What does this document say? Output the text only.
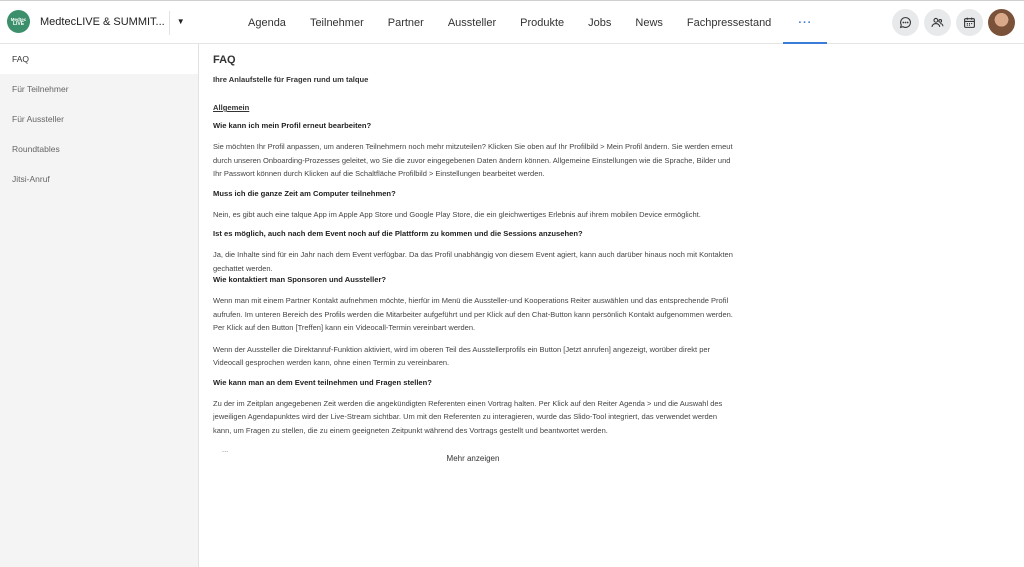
Medtec
LIVE MedtecLIVE & SUMMIT... ▼	Agenda	Teilnehmer	Partner	Aussteller	Produkte	Jobs	News	Fachpressestand	···
FAQ
Für Teilnehmer
Für Aussteller
Roundtables
Jitsi-Anruf
FAQ
Ihre Anlaufstelle für Fragen rund um talque
Allgemein
Wie kann ich mein Profil erneut bearbeiten?
Sie möchten Ihr Profil anpassen, um anderen Teilnehmern noch mehr mitzuteilen? Klicken Sie oben auf Ihr Profilbild > Mein Profil ändern. Sie werden erneut durch unseren Onboarding-Prozesses geleitet, wo Sie die zuvor eingegebenen Daten ändern können. Allgemeine Einstellungen wie die Sprache, Bilder und Ihr Passwort können durch Klicken auf die Schaltfläche Profilbild > Einstellungen bearbeitet werden.
Muss ich die ganze Zeit am Computer teilnehmen?
Nein, es gibt auch eine talque App im Apple App Store und Google Play Store, die ein gleichwertiges Erlebnis auf ihrem mobilen Device ermöglicht.
Ist es möglich, auch nach dem Event noch auf die Plattform zu kommen und die Sessions anzusehen?
Ja, die Inhalte sind für ein Jahr nach dem Event verfügbar. Da das Profil unabhängig von diesem Event agiert, kann auch darüber hinaus noch mit Kontakten gechattet werden.
Wie kontaktiert man Sponsoren und Aussteller?
Wenn man mit einem Partner Kontakt aufnehmen möchte, hierfür im Menü die Aussteller-und Kooperations Reiter auswählen und das entsprechende Profil aufrufen. Im unteren Bereich des Profils werden die Mitarbeiter aufgeführt und per Klick auf den Chat-Button kann persönlich Kontakt aufgenommen werden.
Per Klick auf den Button [Treffen] kann ein Videocall-Termin vereinbart werden.
Wenn der Aussteller die Direktanruf-Funktion aktiviert, wird im oberen Teil des Ausstellerprofils ein Button [Jetzt anrufen] angezeigt, worüber direkt per Videocall gesprochen werden kann, ohne einen Termin zu vereinbaren.
Wie kann man an dem Event teilnehmen und Fragen stellen?
Zu der im Zeitplan angegebenen Zeit werden die angekündigten Referenten einen Vortrag halten. Per Klick auf den Reiter Agenda > und die Auswahl des jeweiligen Agendapunktes wird der Live-Stream sichtbar. Um mit den Referenten zu interagieren, wurde das Slido-Tool integriert, das verwendet werden kann, um Fragen zu stellen, die zu einem geeigneten Zeitpunkt während des Vortrags gestellt und beantwortet werden.
...
Mehr anzeigen
